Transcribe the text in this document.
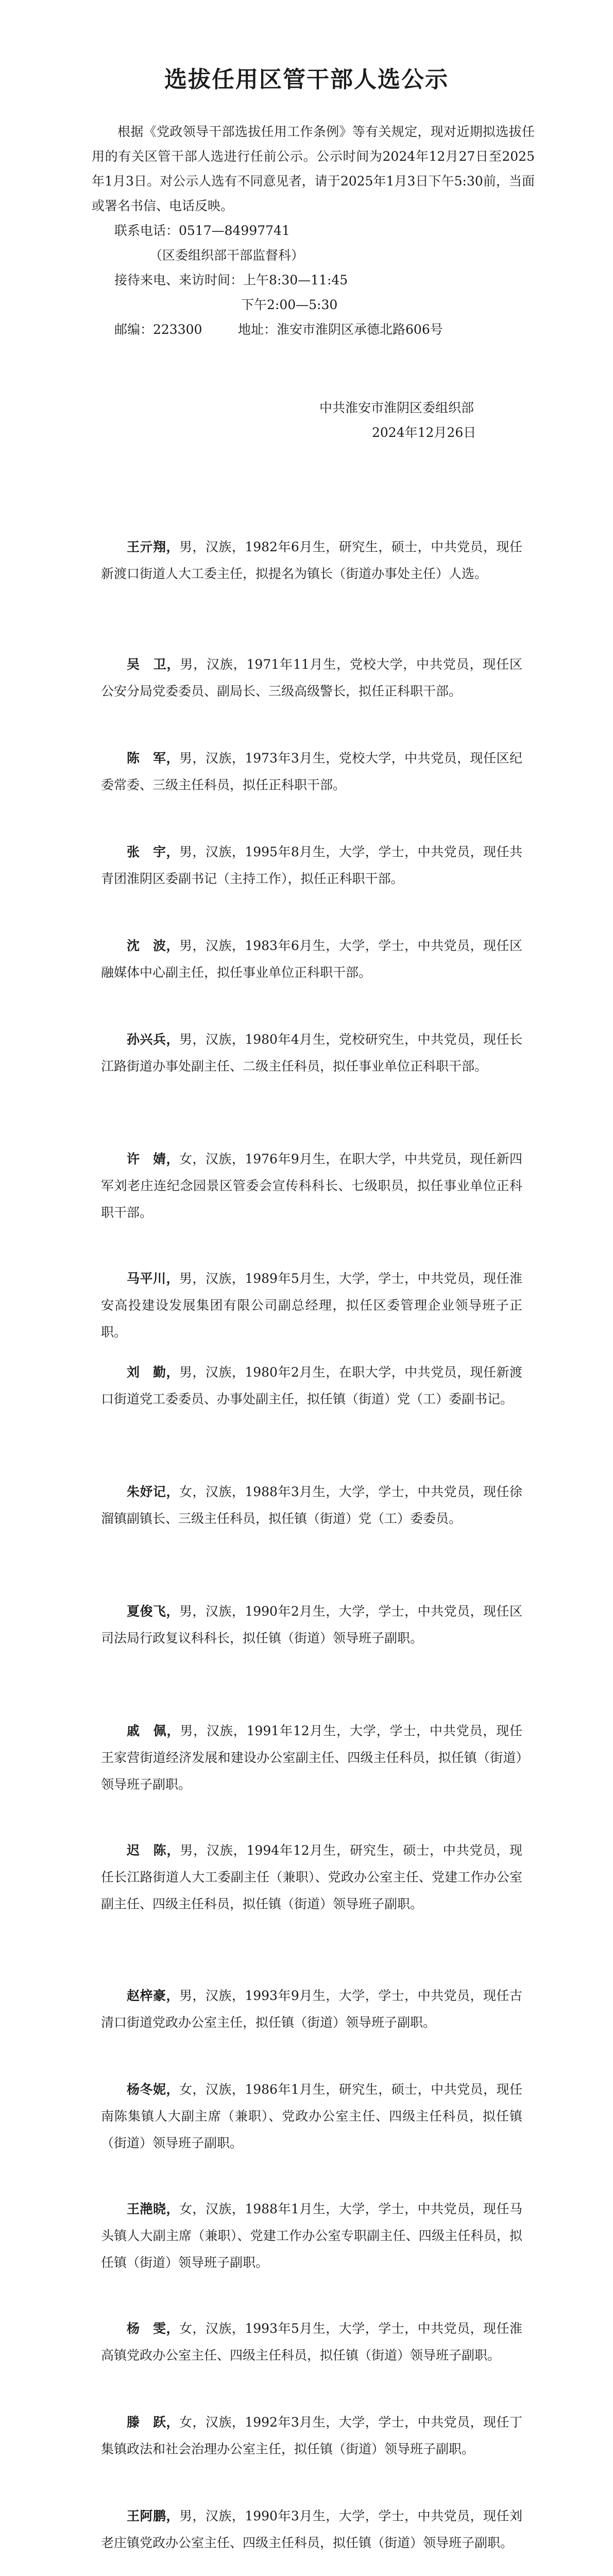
选拔任用区管干部人选公示
根据《党政领导干部选拔任用工作条例》等有关规定，现对近期拟选拔任用的有关区管干部人选进行任前公示。公示时间为2024年12月27日至2025年1月3日。对公示人选有不同意见者，请于2025年1月3日下午5:30前，当面或署名书信、电话反映。
联系电话：0517—84997741
（区委组织部干部监督科）
接待来电、来访时间：上午8:30—11:45
下午2:00—5:30
邮编：223300	地址：淮安市淮阴区承德北路606号
中共淮安市淮阴区委组织部
2024年12月26日
王亓翔，男，汉族，1982年6月生，研究生，硕士，中共党员，现任新渡口街道人大工委主任，拟提名为镇长（街道办事处主任）人选。
吴　卫，男，汉族，1971年11月生，党校大学，中共党员，现任区公安分局党委委员、副局长、三级高级警长，拟任正科职干部。
陈　军，男，汉族，1973年3月生，党校大学，中共党员，现任区纪委常委、三级主任科员，拟任正科职干部。
张　宇，男，汉族，1995年8月生，大学，学士，中共党员，现任共青团淮阴区委副书记（主持工作），拟任正科职干部。
沈　波，男，汉族，1983年6月生，大学，学士，中共党员，现任区融媒体中心副主任，拟任事业单位正科职干部。
孙兴兵，男，汉族，1980年4月生，党校研究生，中共党员，现任长江路街道办事处副主任、二级主任科员，拟任事业单位正科职干部。
许　婧，女，汉族，1976年9月生，在职大学，中共党员，现任新四军刘老庄连纪念园景区管委会宣传科科长、七级职员，拟任事业单位正科职干部。
马平川，男，汉族，1989年5月生，大学，学士，中共党员，现任淮安高投建设发展集团有限公司副总经理，拟任区委管理企业领导班子正职。
刘　勤，男，汉族，1980年2月生，在职大学，中共党员，现任新渡口街道党工委委员、办事处副主任，拟任镇（街道）党（工）委副书记。
朱妤记，女，汉族，1988年3月生，大学，学士，中共党员，现任徐溜镇副镇长、三级主任科员，拟任镇（街道）党（工）委委员。
夏俊飞，男，汉族，1990年2月生，大学，学士，中共党员，现任区司法局行政复议科科长，拟任镇（街道）领导班子副职。
戚　佩，男，汉族，1991年12月生，大学，学士，中共党员，现任王家营街道经济发展和建设办公室副主任、四级主任科员，拟任镇（街道）领导班子副职。
迟　陈，男，汉族，1994年12月生，研究生，硕士，中共党员，现任长江路街道人大工委副主任（兼职）、党政办公室主任、党建工作办公室副主任、四级主任科员，拟任镇（街道）领导班子副职。
赵梓豪，男，汉族，1993年9月生，大学，学士，中共党员，现任古清口街道党政办公室主任，拟任镇（街道）领导班子副职。
杨冬妮，女，汉族，1986年1月生，研究生，硕士，中共党员，现任南陈集镇人大副主席（兼职）、党政办公室主任、四级主任科员，拟任镇（街道）领导班子副职。
王滟晓，女，汉族，1988年1月生，大学，学士，中共党员，现任马头镇人大副主席（兼职）、党建工作办公室专职副主任、四级主任科员，拟任镇（街道）领导班子副职。
杨　雯，女，汉族，1993年5月生，大学，学士，中共党员，现任淮高镇党政办公室主任、四级主任科员，拟任镇（街道）领导班子副职。
滕　跃，女，汉族，1992年3月生，大学，学士，中共党员，现任丁集镇政法和社会治理办公室主任，拟任镇（街道）领导班子副职。
王阿鹏，男，汉族，1990年3月生，大学，学士，中共党员，现任刘老庄镇党政办公室主任、四级主任科员，拟任镇（街道）领导班子副职。
